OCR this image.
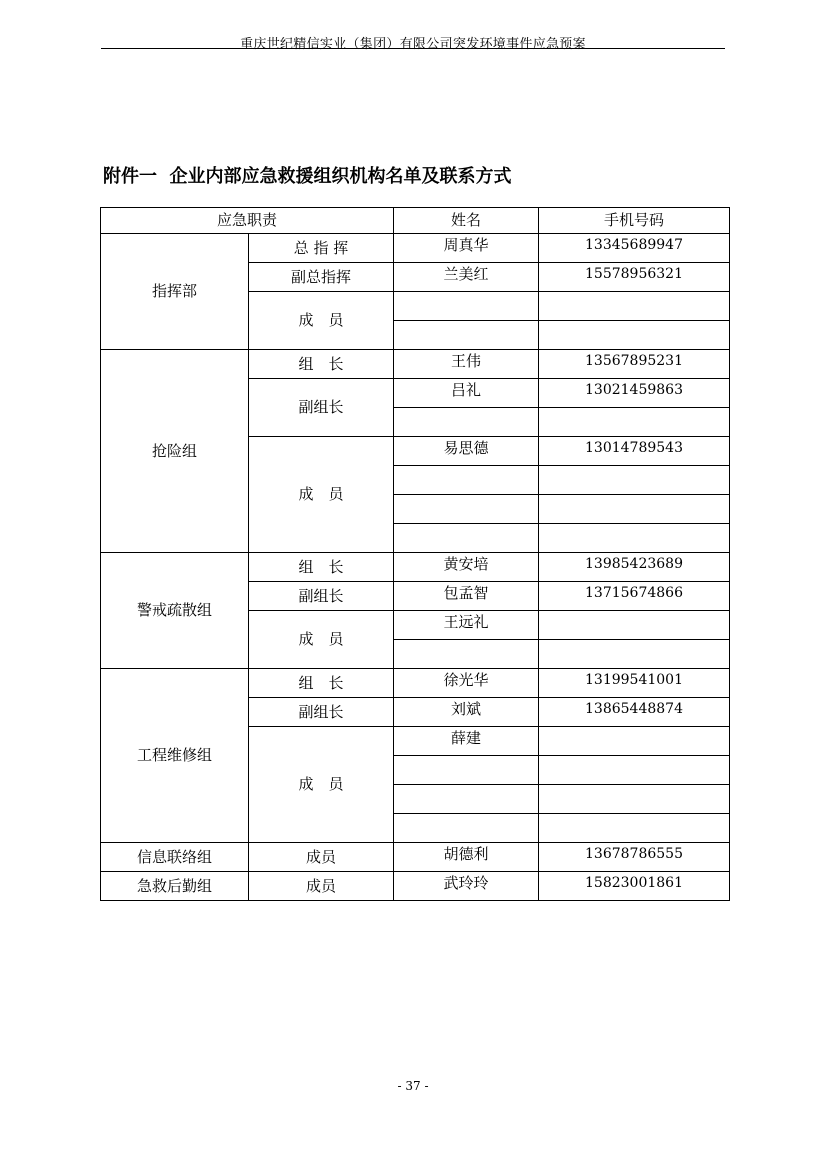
重庆世纪精信实业（集团）有限公司突发环境事件应急预案
附件一  企业内部应急救援组织机构名单及联系方式
应急职责		姓名	手机号码
指挥部	总 指 挥	周真华	13345689947
	副总指挥	兰美红	15578956321
	成　员		

抢险组	组　长	王伟	13567895231
	副组长	吕礼	13021459863

	成　员	易思德	13014789543

警戒疏散组	组　长	黄安培	13985423689
	副组长	包孟智	13715674866
	成　员	王远礼	

工程维修组	组　长	徐光华	13199541001
	副组长	刘斌	13865448874
	成　员	薛建	

信息联络组	成员	胡德利	13678786555
急救后勤组	成员	武玲玲	15823001861
- 37 -
